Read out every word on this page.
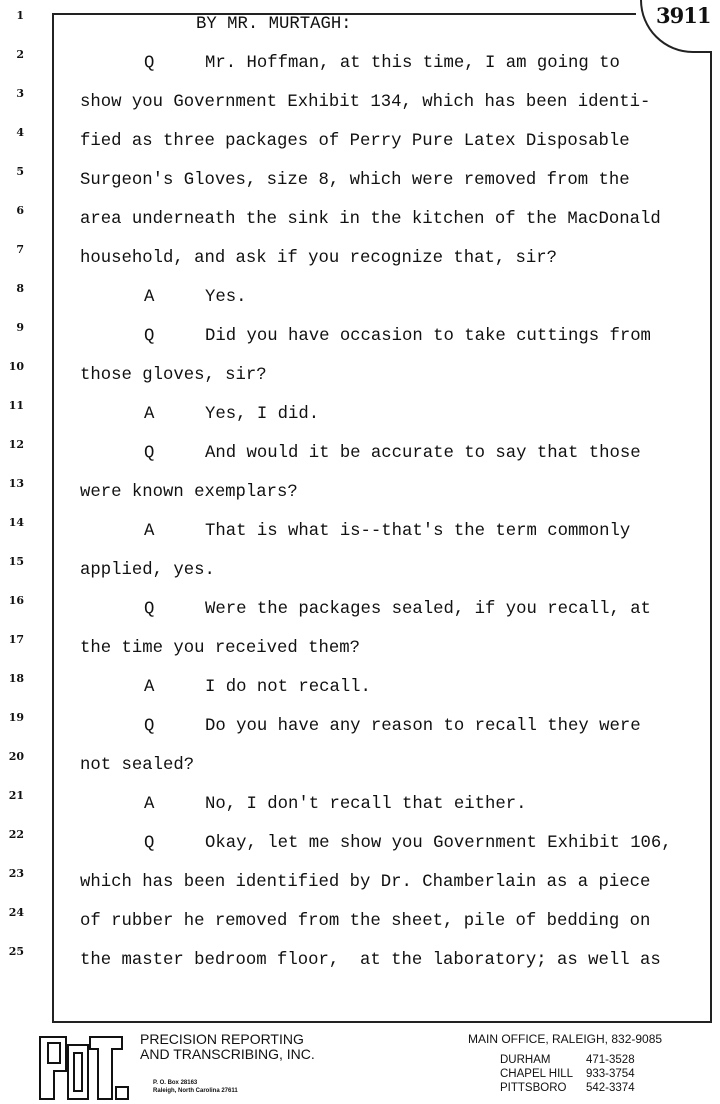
3911
1	BY MR. MURTAGH:
2	Q	Mr. Hoffman, at this time, I am going to
3	show you Government Exhibit 134, which has been identi-
4	fied as three packages of Perry Pure Latex Disposable
5	Surgeon's Gloves, size 8, which were removed from the
6	area underneath the sink in the kitchen of the MacDonald
7	household, and ask if you recognize that, sir?
8	A	Yes.
9	Q	Did you have occasion to take cuttings from
10	those gloves, sir?
11	A	Yes, I did.
12	Q	And would it be accurate to say that those
13	were known exemplars?
14	A	That is what is--that's the term commonly
15	applied, yes.
16	Q	Were the packages sealed, if you recall, at
17	the time you received them?
18	A	I do not recall.
19	Q	Do you have any reason to recall they were
20	not sealed?
21	A	No, I don't recall that either.
22	Q	Okay, let me show you Government Exhibit 106,
23	which has been identified by Dr. Chamberlain as a piece
24	of rubber he removed from the sheet, pile of bedding on
25	the master bedroom floor,  at the laboratory; as well as
PRECISION REPORTING
AND TRANSCRIBING, INC.
P. O. Box 28163
Raleigh, North Carolina 27611
MAIN OFFICE, RALEIGH, 832-9085
DURHAM	471-3528
CHAPEL HILL 933-3754
PITTSBORO 542-3374
